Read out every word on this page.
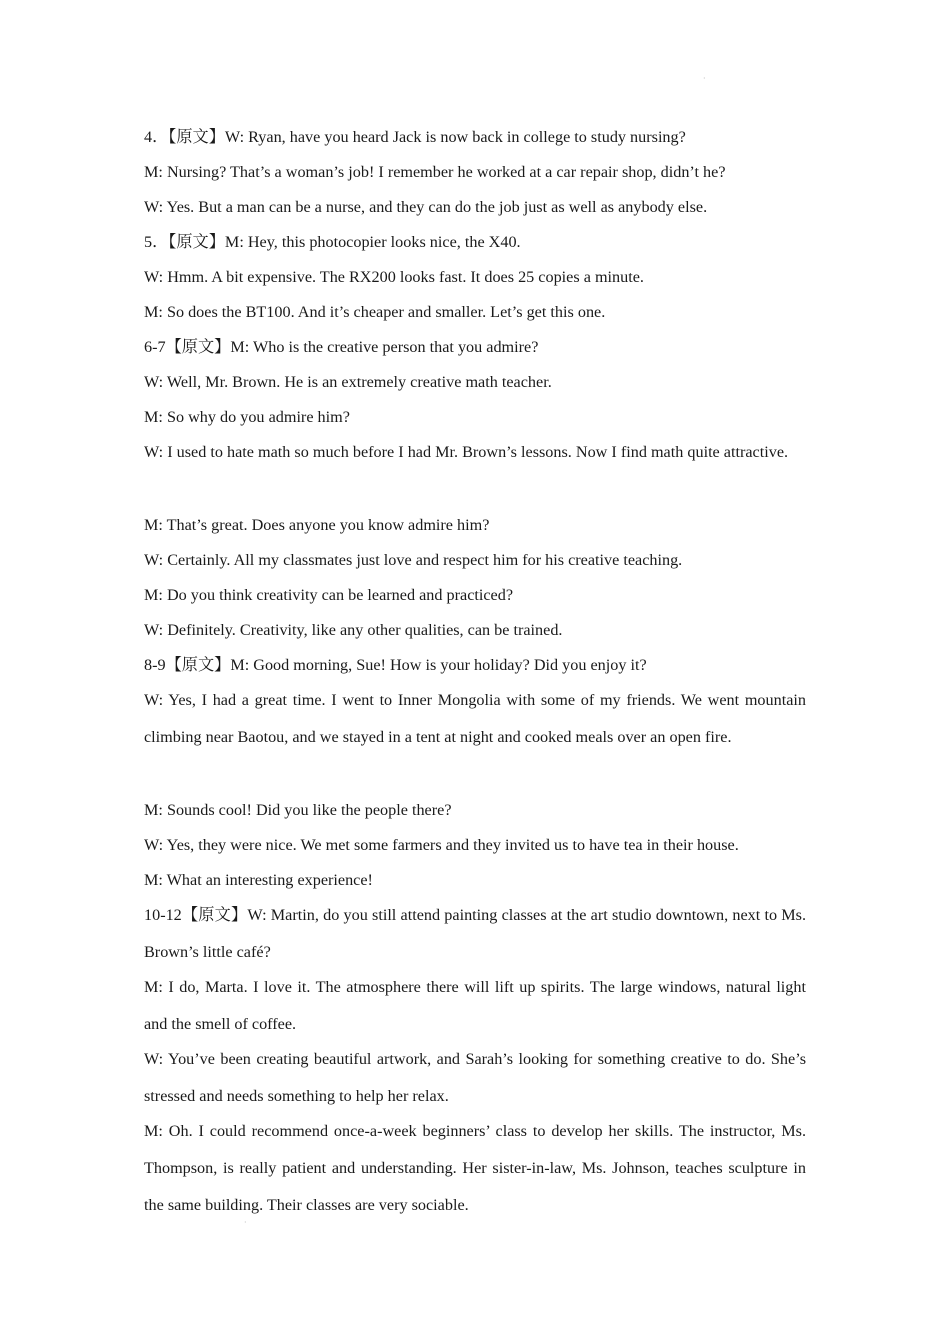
·
4．【原文】W: Ryan, have you heard Jack is now back in college to study nursing?
M: Nursing? That’s a woman’s job! I remember he worked at a car repair shop, didn’t he?
W: Yes. But a man can be a nurse, and they can do the job just as well as anybody else.
5．【原文】M: Hey, this photocopier looks nice, the X40.
W: Hmm. A bit expensive. The RX200 looks fast. It does 25 copies a minute.
M: So does the BT100. And it’s cheaper and smaller. Let’s get this one.
6-7【原文】M: Who is the creative person that you admire?
W: Well, Mr. Brown. He is an extremely creative math teacher.
M: So why do you admire him?
W: I used to hate math so much before I had Mr. Brown’s lessons. Now I find math quite attractive.
M: That’s great. Does anyone you know admire him?
W: Certainly. All my classmates just love and respect him for his creative teaching.
M: Do you think creativity can be learned and practiced?
W: Definitely. Creativity, like any other qualities, can be trained.
8-9【原文】M: Good morning, Sue! How is your holiday? Did you enjoy it?
W: Yes, I had a great time. I went to Inner Mongolia with some of my friends. We went mountain climbing near Baotou, and we stayed in a tent at night and cooked meals over an open fire.
M: Sounds cool! Did you like the people there?
W: Yes, they were nice. We met some farmers and they invited us to have tea in their house.
M: What an interesting experience!
10-12【原文】W: Martin, do you still attend painting classes at the art studio downtown, next to Ms. Brown’s little café?
M: I do, Marta. I love it. The atmosphere there will lift up spirits. The large windows, natural light and the smell of coffee.
W: You’ve been creating beautiful artwork, and Sarah’s looking for something creative to do. She’s stressed and needs something to help her relax.
M: Oh. I could recommend once-a-week beginners’ class to develop her skills. The instructor, Ms. Thompson, is really patient and understanding. Her sister-in-law, Ms. Johnson, teaches sculpture in the same building. Their classes are very sociable.
·
